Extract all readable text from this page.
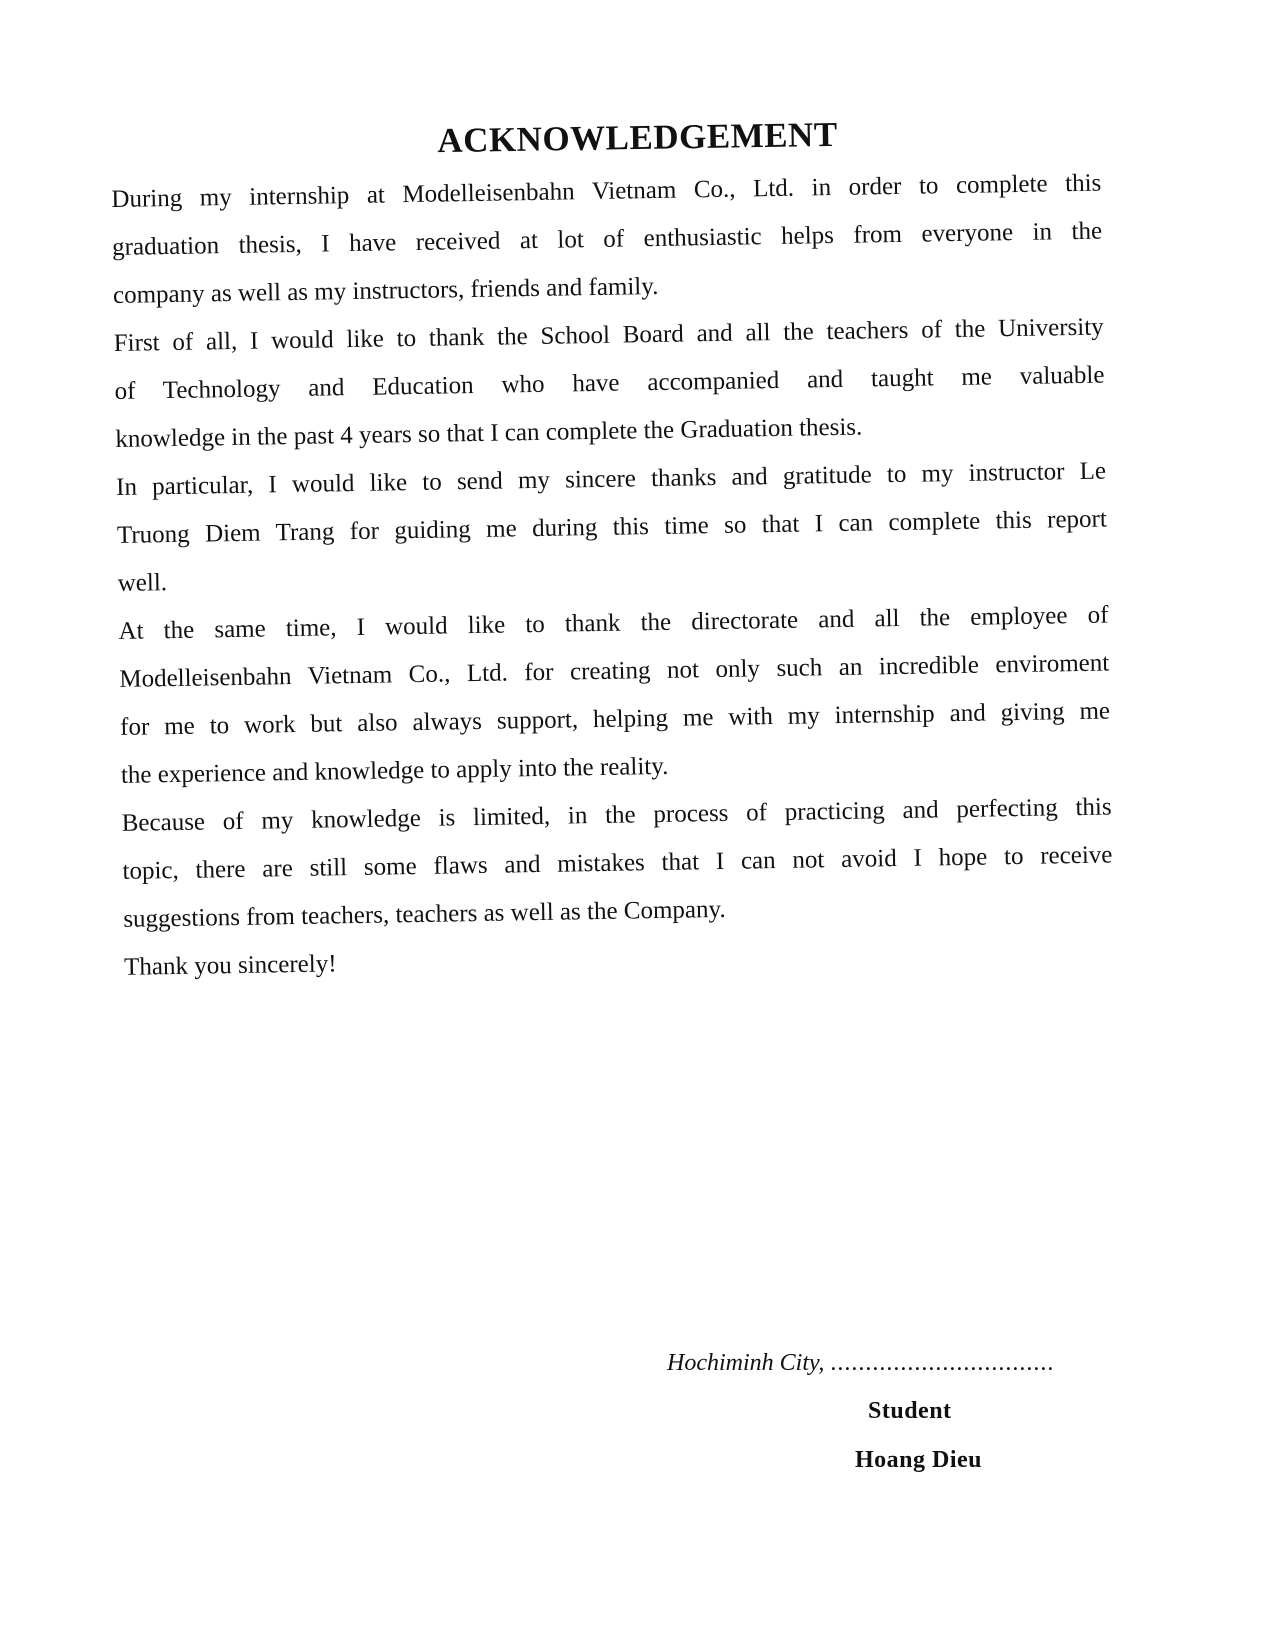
ACKNOWLEDGEMENT
During my internship at Modelleisenbahn Vietnam Co., Ltd. in order to complete this
graduation thesis, I have received at lot of enthusiastic helps from everyone in the
company as well as my instructors, friends and family.
First of all, I would like to thank the School Board and all the teachers of the University
of Technology and Education who have accompanied and taught me valuable
knowledge in the past 4 years so that I can complete the Graduation thesis.
In particular, I would like to send my sincere thanks and gratitude to my instructor Le
Truong Diem Trang for guiding me during this time so that I can complete this report
well.
At the same time, I would like to thank the directorate and all the employee of
Modelleisenbahn Vietnam Co., Ltd. for creating not only such an incredible enviroment
for me to work but also always support, helping me with my internship and giving me
the experience and knowledge to apply into the reality.
Because of my knowledge is limited, in the process of practicing and perfecting this
topic, there are still some flaws and mistakes that I can not avoid I hope to receive
suggestions from teachers, teachers as well as the Company.
Thank you sincerely!
Hochiminh City, ................................
Student
Hoang Dieu
